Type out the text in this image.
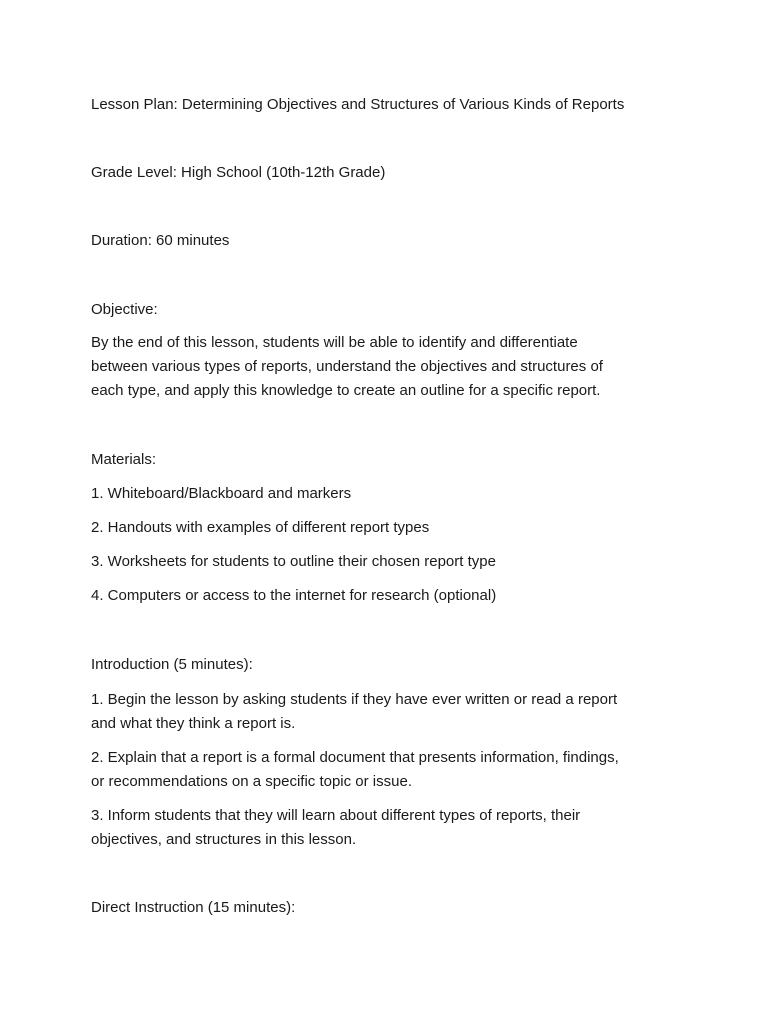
Lesson Plan: Determining Objectives and Structures of Various Kinds of Reports
Grade Level: High School (10th-12th Grade)
Duration: 60 minutes
Objective:
By the end of this lesson, students will be able to identify and differentiate
between various types of reports, understand the objectives and structures of
each type, and apply this knowledge to create an outline for a specific report.
Materials:
1. Whiteboard/Blackboard and markers
2. Handouts with examples of different report types
3. Worksheets for students to outline their chosen report type
4. Computers or access to the internet for research (optional)
Introduction (5 minutes):
1. Begin the lesson by asking students if they have ever written or read a report
and what they think a report is.
2. Explain that a report is a formal document that presents information, findings,
or recommendations on a specific topic or issue.
3. Inform students that they will learn about different types of reports, their
objectives, and structures in this lesson.
Direct Instruction (15 minutes):
